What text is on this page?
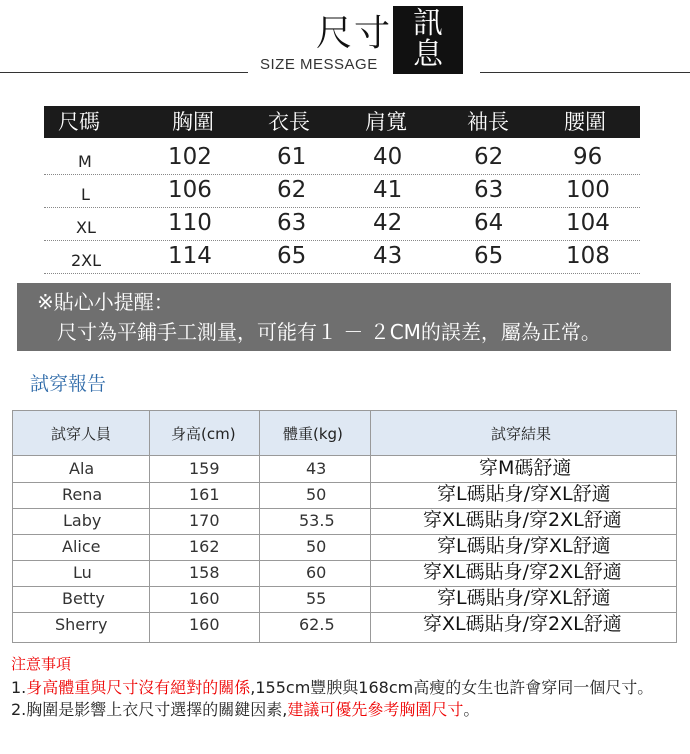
尺寸 訊
息
SIZE MESSAGE
尺碼	胸圍	衣長	肩寬	袖長	腰圍
M	102	61	40	62	96
L	106	62	41	63	100
XL	110	63	42	64	104
2XL	114	65	43	65	108
※貼心小提醒：
尺寸為平鋪手工測量，可能有１ － ２CM的誤差，屬為正常。
試穿報告
試穿人員	身高(cm)	體重(kg)	試穿結果
Ala	159	43	穿M碼舒適
Rena	161	50	穿L碼貼身/穿XL舒適
Laby	170	53.5	穿XL碼貼身/穿2XL舒適
Alice	162	50	穿L碼貼身/穿XL舒適
Lu	158	60	穿XL碼貼身/穿2XL舒適
Betty	160	55	穿L碼貼身/穿XL舒適
Sherry	160	62.5	穿XL碼貼身/穿2XL舒適
注意事項
1.身高體重與尺寸沒有絕對的關係,155cm豐腴與168cm高瘦的女生也許會穿同一個尺寸。
2.胸圍是影響上衣尺寸選擇的關鍵因素,建議可優先參考胸圍尺寸。
